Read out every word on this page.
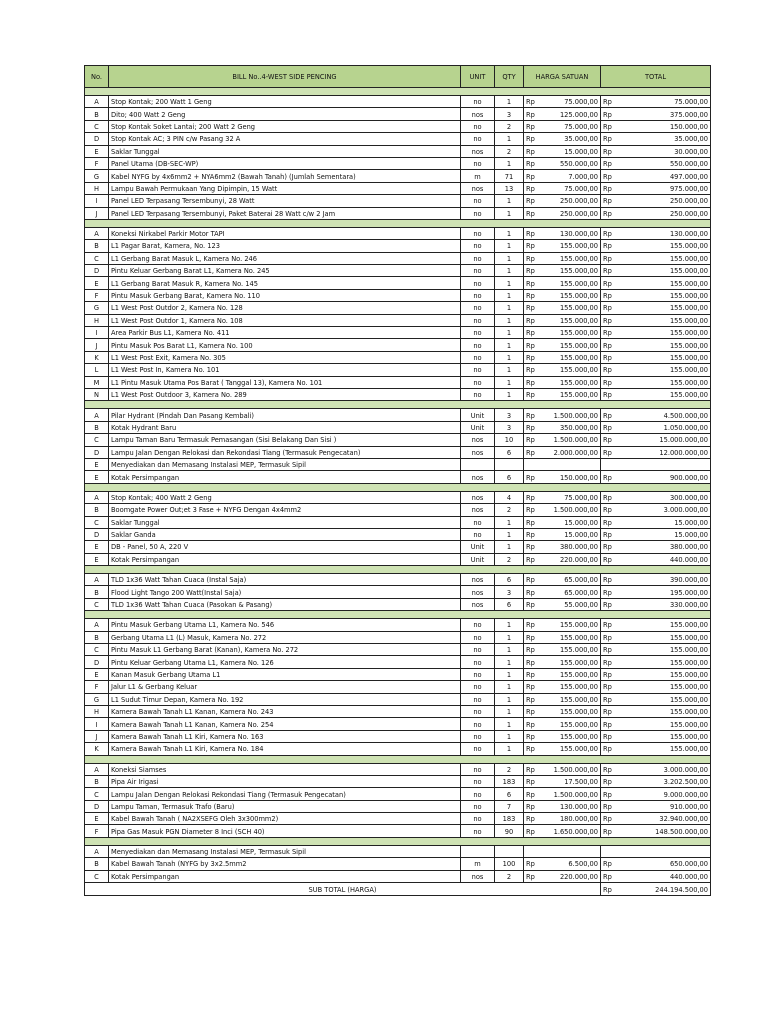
No.	BILL No..4-WEST SIDE PENCING	UNIT	QTY	HARGA SATUAN		TOTAL	

A	Stop Kontak; 200 Watt 1 Geng	no	1	Rp	75.000,00	Rp	75.000,00
B	Dito; 400 Watt 2 Geng	nos	3	Rp	125.000,00	Rp	375.000,00
C	Stop Kontak Soket Lantai; 200 Watt 2 Geng	no	2	Rp	75.000,00	Rp	150.000,00
D	Stop Kontak AC; 3 PIN c/w Pasang 32 A	no	1	Rp	35.000,00	Rp	35.000,00
E	Saklar Tunggal	nos	2	Rp	15.000,00	Rp	30.000,00
F	Panel Utama (DB-SEC-WP)	no	1	Rp	550.000,00	Rp	550.000,00
G	Kabel NYFG by 4x6mm2 + NYA6mm2 (Bawah Tanah) (Jumlah Sementara)	m	71	Rp	7.000,00	Rp	497.000,00
H	Lampu Bawah Permukaan Yang Dipimpin, 15 Watt	nos	13	Rp	75.000,00	Rp	975.000,00
I	Panel LED Terpasang Tersembunyi, 28 Watt	no	1	Rp	250.000,00	Rp	250.000,00
J	Panel LED Terpasang Tersembunyi, Paket Baterai 28 Watt c/w 2 Jam	no	1	Rp	250.000,00	Rp	250.000,00

A	Koneksi Nirkabel Parkir Motor TAPI	no	1	Rp	130.000,00	Rp	130.000,00
B	L1 Pagar Barat, Kamera, No. 123	no	1	Rp	155.000,00	Rp	155.000,00
C	L1 Gerbang Barat Masuk L, Kamera No. 246	no	1	Rp	155.000,00	Rp	155.000,00
D	Pintu Keluar Gerbang Barat L1, Kamera No. 245	no	1	Rp	155.000,00	Rp	155.000,00
E	L1 Gerbang Barat Masuk R, Kamera No. 145	no	1	Rp	155.000,00	Rp	155.000,00
F	Pintu Masuk Gerbang Barat, Kamera No. 110	no	1	Rp	155.000,00	Rp	155.000,00
G	L1 West Post Outdor 2, Kamera No. 128	no	1	Rp	155.000,00	Rp	155.000,00
H	L1 West Post Outdor 1, Kamera No. 108	no	1	Rp	155.000,00	Rp	155.000,00
I	Area Parkir Bus L1, Kamera No. 411	no	1	Rp	155.000,00	Rp	155.000,00
J	Pintu Masuk Pos Barat L1, Kamera No. 100	no	1	Rp	155.000,00	Rp	155.000,00
K	L1 West Post Exit, Kamera No. 305	no	1	Rp	155.000,00	Rp	155.000,00
L	L1 West Post In, Kamera No. 101	no	1	Rp	155.000,00	Rp	155.000,00
M	L1 Pintu Masuk Utama Pos Barat ( Tanggal 13), Kamera No. 101	no	1	Rp	155.000,00	Rp	155.000,00
N	L1 West Post Outdoor 3, Kamera No. 289	no	1	Rp	155.000,00	Rp	155.000,00

A	Pilar Hydrant (Pindah Dan Pasang Kembali)	Unit	3	Rp	1.500.000,00	Rp	4.500.000,00
B	Kotak Hydrant Baru	Unit	3	Rp	350.000,00	Rp	1.050.000,00
C	Lampu Taman Baru Termasuk Pemasangan (Sisi Belakang Dan Sisi )	nos	10	Rp	1.500.000,00	Rp	15.000.000,00
D	Lampu Jalan Dengan Relokasi dan Rekondasi Tiang (Termasuk Pengecatan)	nos	6	Rp	2.000.000,00	Rp	12.000.000,00
E	Menyediakan dan Memasang Instalasi MEP, Termasuk Sipil						
E	Kotak Persimpangan	nos	6	Rp	150.000,00	Rp	900.000,00

A	Stop Kontak; 400 Watt 2 Geng	nos	4	Rp	75.000,00	Rp	300.000,00
B	Boomgate Power Out;et 3 Fase + NYFG Dengan 4x4mm2	nos	2	Rp	1.500.000,00	Rp	3.000.000,00
C	Saklar Tunggal	no	1	Rp	15.000,00	Rp	15.000,00
D	Saklar Ganda	no	1	Rp	15.000,00	Rp	15.000,00
E	DB - Panel, 50 A, 220 V	Unit	1	Rp	380.000,00	Rp	380.000,00
E	Kotak Persimpangan	Unit	2	Rp	220.000,00	Rp	440.000,00

A	TLD 1x36 Watt Tahan Cuaca (Instal Saja)	nos	6	Rp	65.000,00	Rp	390.000,00
B	Flood Light Tango 200 Watt(Instal Saja)	nos	3	Rp	65.000,00	Rp	195.000,00
C	TLD 1x36 Watt Tahan Cuaca (Pasokan & Pasang)	nos	6	Rp	55.000,00	Rp	330.000,00

A	Pintu Masuk Gerbang Utama L1, Kamera No. 546	no	1	Rp	155.000,00	Rp	155.000,00
B	Gerbang Utama L1 (L) Masuk, Kamera No. 272	no	1	Rp	155.000,00	Rp	155.000,00
C	Pintu Masuk L1 Gerbang Barat (Kanan), Kamera No. 272	no	1	Rp	155.000,00	Rp	155.000,00
D	Pintu Keluar Gerbang Utama L1, Kamera No. 126	no	1	Rp	155.000,00	Rp	155.000,00
E	Kanan Masuk Gerbang Utama L1	no	1	Rp	155.000,00	Rp	155.000,00
F	Jalur L1 & Gerbang Keluar	no	1	Rp	155.000,00	Rp	155.000,00
G	L1 Sudut Timur Depan, Kamera No. 192	no	1	Rp	155.000,00	Rp	155.000,00
H	Kamera Bawah Tanah L1 Kanan, Kamera No. 243	no	1	Rp	155.000,00	Rp	155.000,00
I	Kamera Bawah Tanah L1 Kanan, Kamera No. 254	no	1	Rp	155.000,00	Rp	155.000,00
J	Kamera Bawah Tanah L1 Kiri, Kamera No. 163	no	1	Rp	155.000,00	Rp	155.000,00
K	Kamera Bawah Tanah L1 Kiri, Kamera No. 184	no	1	Rp	155.000,00	Rp	155.000,00

A	Koneksi Siamses	no	2	Rp	1.500.000,00	Rp	3.000.000,00
B	Pipa Air Irigasi	no	183	Rp	17.500,00	Rp	3.202.500,00
C	Lampu Jalan Dengan Relokasi Rekondasi Tiang (Termasuk Pengecatan)	no	6	Rp	1.500.000,00	Rp	9.000.000,00
D	Lampu Taman, Termasuk Trafo (Baru)	no	7	Rp	130.000,00	Rp	910.000,00
E	Kabel Bawah Tanah ( NA2XSEFG Oleh 3x300mm2)	no	183	Rp	180.000,00	Rp	32.940.000,00
F	Pipa Gas Masuk PGN Diameter 8 Inci (SCH 40)	no	90	Rp	1.650.000,00	Rp	148.500.000,00

A	Menyediakan dan Memasang Instalasi MEP, Termasuk Sipil						
B	Kabel Bawah Tanah (NYFG by 3x2.5mm2	m	100	Rp	6.500,00	Rp	650.000,00
C	Kotak Persimpangan	nos	2	Rp	220.000,00	Rp	440.000,00
SUB TOTAL (HARGA)						Rp	244.194.500,00
